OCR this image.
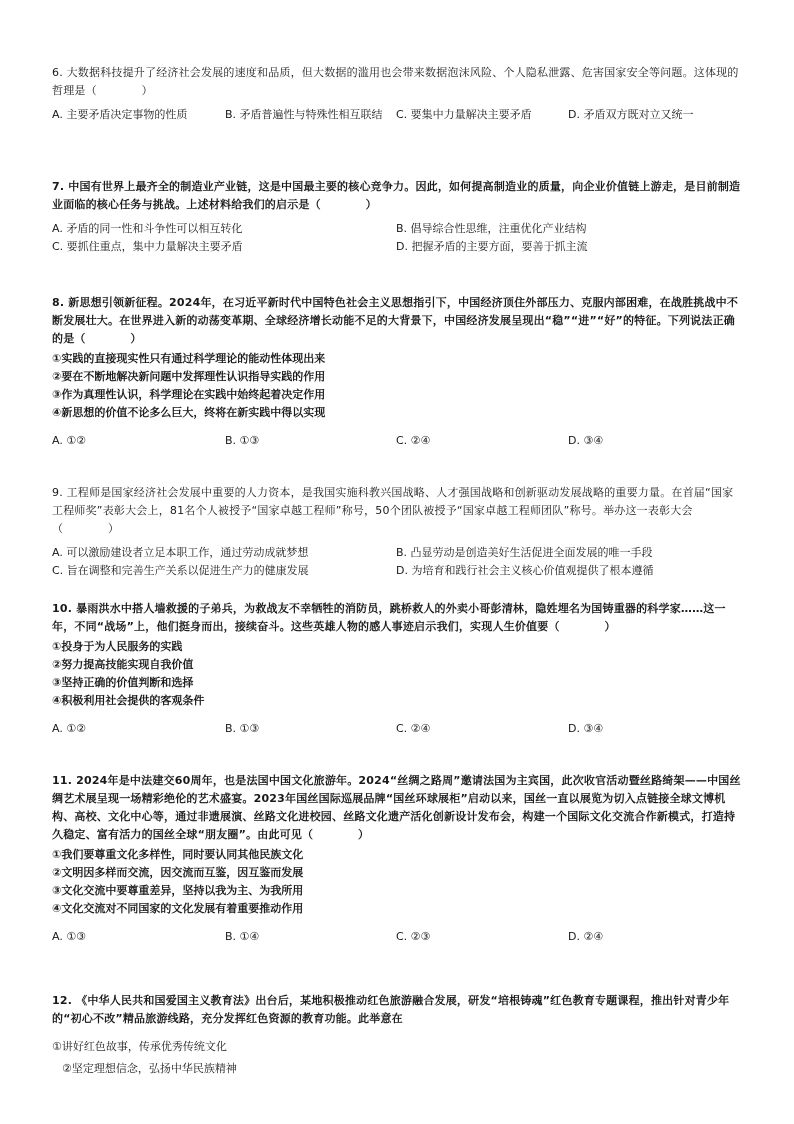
6. 大数据科技提升了经济社会发展的速度和品质，但大数据的滥用也会带来数据泡沫风险、个人隐私泄露、危害国家安全等问题。这体现的哲理是（　　　　）

A. 主要矛盾决定事物的性质	B. 矛盾普遍性与特殊性相互联结 C. 要集中力量解决主要矛盾	D. 矛盾双方既对立又统一

7. 中国有世界上最齐全的制造业产业链，这是中国最主要的核心竞争力。因此，如何提高制造业的质量，向企业价值链上游走，是目前制造业面临的核心任务与挑战。上述材料给我们的启示是（　　　　）

A. 矛盾的同一性和斗争性可以相互转化	B. 倡导综合性思维，注重优化产业结构
C. 要抓住重点，集中力量解决主要矛盾	D. 把握矛盾的主要方面，要善于抓主流

8. 新思想引领新征程。2024年，在习近平新时代中国特色社会主义思想指引下，中国经济顶住外部压力、克服内部困难，在战胜挑战中不断发展壮大。在世界进入新的动荡变革期、全球经济增长动能不足的大背景下，中国经济发展呈现出“稳”“进”“好”的特征。下列说法正确的是（　　　　）

①实践的直接现实性只有通过科学理论的能动性体现出来
②要在不断地解决新问题中发挥理性认识指导实践的作用
③作为真理性认识，科学理论在实践中始终起着决定作用
④新思想的价值不论多么巨大，终将在新实践中得以实现
A. ①②	B. ①③	C. ②④	D. ③④

9. 工程师是国家经济社会发展中重要的人力资本，是我国实施科教兴国战略、人才强国战略和创新驱动发展战略的重要力量。在首届“国家工程师奖”表彰大会上，81名个人被授予“国家卓越工程师”称号，50个团队被授予“国家卓越工程师团队”称号。举办这一表彰大会（　　　　）

A. 可以激励建设者立足本职工作，通过劳动成就梦想	B. 凸显劳动是创造美好生活促进全面发展的唯一手段
C. 旨在调整和完善生产关系以促进生产力的健康发展	D. 为培育和践行社会主义核心价值观提供了根本遵循

10. 暴雨洪水中搭人墙救援的子弟兵，为救战友不幸牺牲的消防员，跳桥救人的外卖小哥彭清林，隐姓埋名为国铸重器的科学家……这一年，不同“战场”上，他们挺身而出，接续奋斗。这些英雄人物的感人事迹启示我们，实现人生价值要（　　　　）

①投身于为人民服务的实践
②努力提高技能实现自我价值
③坚持正确的价值判断和选择
④积极利用社会提供的客观条件
A. ①②	B. ①③	C. ②④	D. ③④

11. 2024年是中法建交60周年，也是法国中国文化旅游年。2024“丝绸之路周”邀请法国为主宾国，此次收官活动暨丝路绮架——中国丝绸艺术展呈现一场精彩绝伦的艺术盛宴。2023年国丝国际巡展品牌“国丝环球展柜”启动以来，国丝一直以展览为切入点链接全球文博机构、高校、文化中心等，通过非遗展演、丝路文化进校园、丝路文化遗产活化创新设计发布会，构建一个国际文化交流合作新模式，打造持久稳定、富有活力的国丝全球“朋友圈”。由此可见（　　　　）

①我们要尊重文化多样性，同时要认同其他民族文化
②文明因多样而交流，因交流而互鉴，因互鉴而发展
③文化交流中要尊重差异，坚持以我为主、为我所用
④文化交流对不同国家的文化发展有着重要推动作用
A. ①③	B. ①④	C. ②③	D. ②④

12. 《中华人民共和国爱国主义教育法》出台后，某地积极推动红色旅游融合发展，研发“培根铸魂”红色教育专题课程，推出针对青少年的“初心不改”精品旅游线路，充分发挥红色资源的教育功能。此举意在

①讲好红色故事，传承优秀传统文化
②坚定理想信念，弘扬中华民族精神
